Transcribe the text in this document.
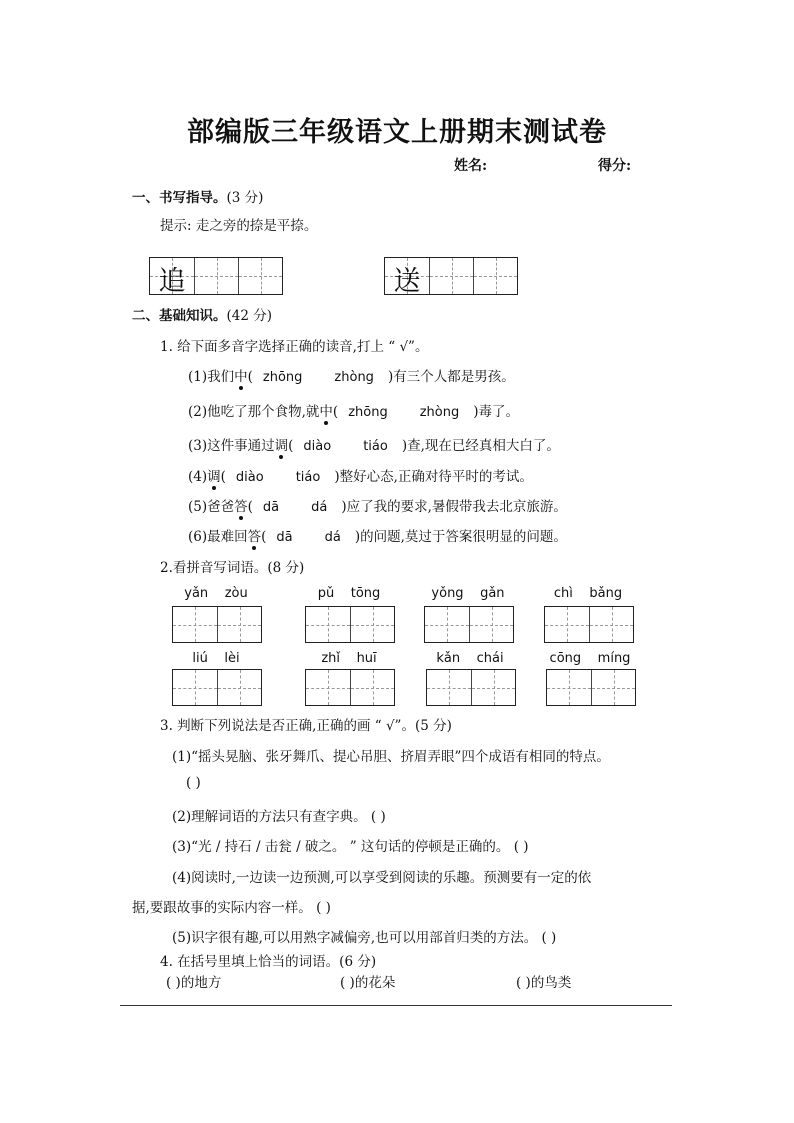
部编版三年级语文上册期末测试卷
姓名:	得分:
一、书写指导。(3 分)
提示: 走之旁的捺是平捺。
追	送
二、基础知识。(42 分)
1. 给下面多音字选择正确的读音,打上 “ √”。
(1)我们中( zhōng zhòng )有三个人都是男孩。
(2)他吃了那个食物,就中( zhōng zhòng )毒了。
(3)这件事通过调( diào tiáo )查,现在已经真相大白了。
(4)调( diào tiáo )整好心态,正确对待平时的考试。
(5)爸爸答( dā dá )应了我的要求,暑假带我去北京旅游。
(6)最难回答( dā dá )的问题,莫过于答案很明显的问题。
2.看拼音写词语。(8 分)
yǎn zòu	pǔ tōng	yǒng gǎn	chì bǎng
liú lèi	zhǐ huī	kǎn chái	cōng míng
3. 判断下列说法是否正确,正确的画 “ √”。(5 分)
(1)“摇头晃脑、张牙舞爪、提心吊胆、挤眉弄眼”四个成语有相同的特点。
( )
(2)理解词语的方法只有查字典。 ( )
(3)“光 / 持石 / 击瓮 / 破之。 ” 这句话的停顿是正确的。 ( )
(4)阅读时,一边读一边预测,可以享受到阅读的乐趣。预测要有一定的依
据,要跟故事的实际内容一样。 ( )
(5)识字很有趣,可以用熟字减偏旁,也可以用部首归类的方法。 ( )
4. 在括号里填上恰当的词语。(6 分)
( )的地方	( )的花朵	( )的鸟类
